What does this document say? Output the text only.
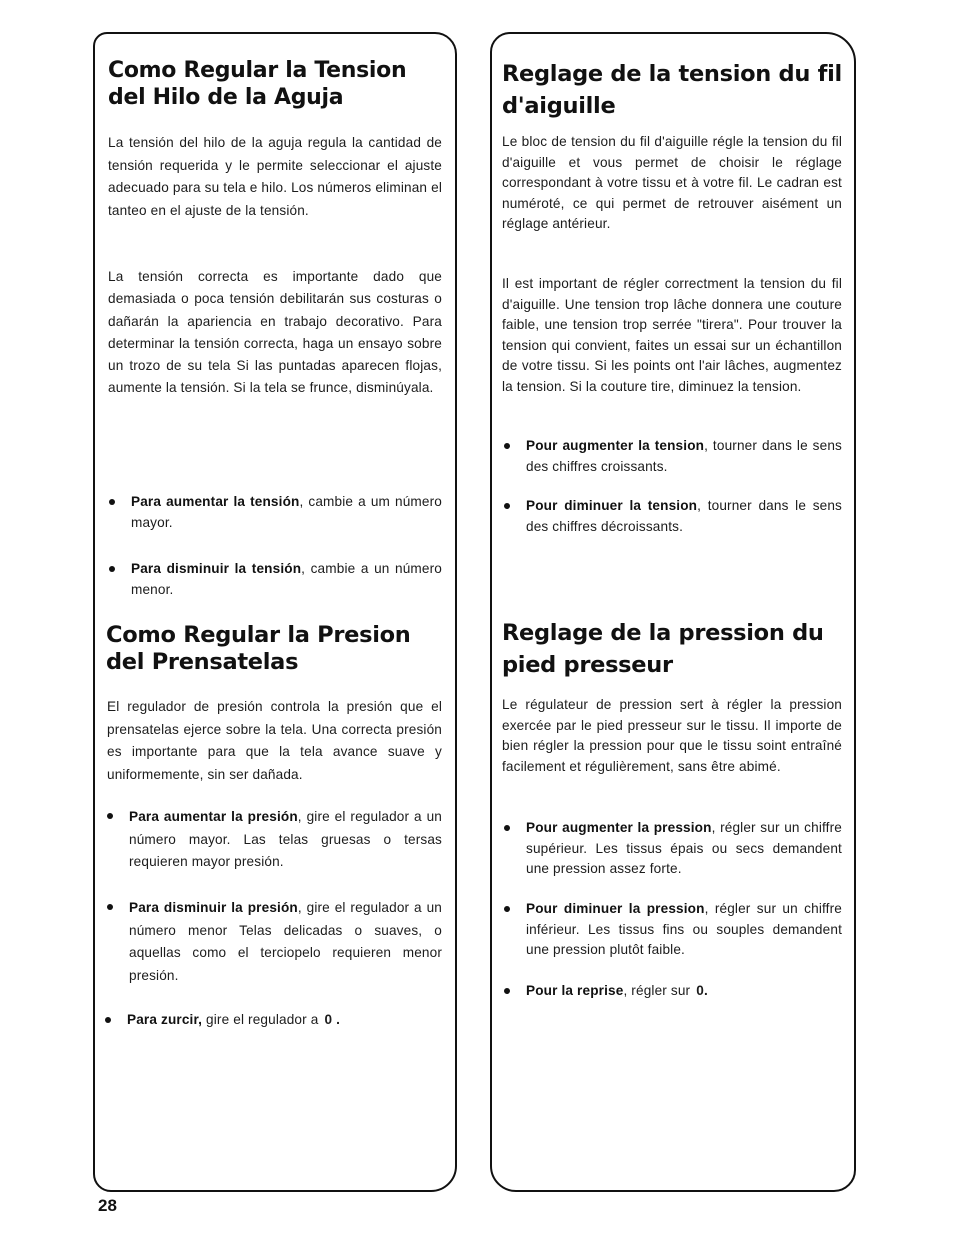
Como Regular la Tension del Hilo de la Aguja

La tensión del hilo de la aguja regula la cantidad de tensión requerida y le permite seleccionar el ajuste adecuado para su tela e hilo. Los números eliminan el tanteo en el ajuste de la tensión.

La tensión correcta es importante dado que demasiada o poca tensión debilitarán sus costuras o dañarán la apariencia en trabajo decorativo. Para determinar la tensión correcta, haga un ensayo sobre un trozo de su tela Si las puntadas aparecen flojas, aumente la tensión. Si la tela se frunce, disminúyala.

Para aumentar la tensión, cambie a um número mayor.
Para disminuir la tensión, cambie a un número menor.
Como Regular la Presion del Prensatelas

El regulador de presión controla la presión que el prensatelas ejerce sobre la tela. Una correcta presión es importante para que la tela avance suave y uniformemente, sin ser dañada.

Para aumentar la presión, gire el regulador a un número mayor. Las telas gruesas o tersas requieren mayor presión.
Para disminuir la presión, gire el regulador a un número menor Telas delicadas o suaves, o aquellas como el terciopelo requieren menor presión.
Para zurcir, gire el regulador a 0 .
Reglage de la tension du fil d'aiguille

Le bloc de tension du fil d'aiguille régle la tension du fil d'aiguille et vous permet de choisir le réglage correspondant à votre tissu et à votre fil. Le cadran est numéroté, ce qui permet de retrouver aisément un réglage antérieur.

Il est important de régler correctment la tension du fil d'aiguille. Une tension trop lâche donnera une couture faible, une tension trop serrée "tirera". Pour trouver la tension qui convient, faites un essai sur un échantillon de votre tissu. Si les points ont l'air lâches, augmentez la tension. Si la couture tire, diminuez la tension.

Pour augmenter la tension, tourner dans le sens des chiffres croissants.
Pour diminuer la tension, tourner dans le sens des chiffres décroissants.
Reglage de la pression du pied presseur

Le régulateur de pression sert à régler la pression exercée par le pied presseur sur le tissu. Il importe de bien régler la pression pour que le tissu soint entraîné facilement et régulièrement, sans être abimé.

Pour augmenter la pression, régler sur un chiffre supérieur. Les tissus épais ou secs demandent une pression assez forte.
Pour diminuer la pression, régler sur un chiffre inférieur. Les tissus fins ou souples demandent une pression plutôt faible.
Pour la reprise, régler sur 0.
28
